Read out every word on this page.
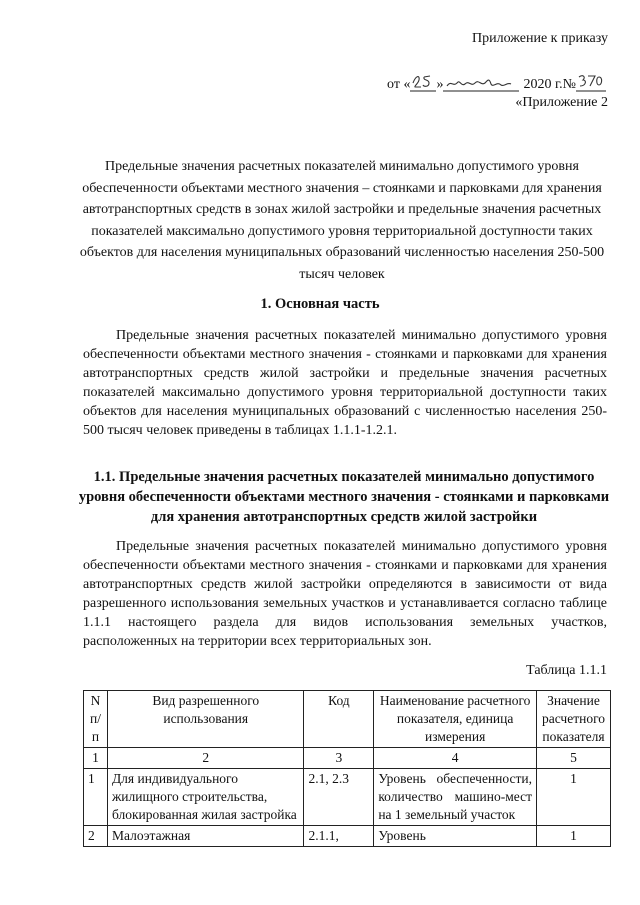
Приложение к приказу
от « »	2020 г.№
«Приложение 2
Предельные значения расчетных показателей минимально допустимого уровня обеспеченности объектами местного значения – стоянками и парковками для хранения автотранспортных средств в зонах жилой застройки и предельные значения расчетных показателей максимально допустимого уровня территориальной доступности таких объектов для населения муниципальных образований численностью населения 250-500 тысяч человек
1. Основная часть
Предельные значения расчетных показателей минимально допустимого уровня обеспеченности объектами местного значения - стоянками и парковками для хранения автотранспортных средств жилой застройки и предельные значения расчетных показателей максимально допустимого уровня территориальной доступности таких объектов для населения муниципальных образований с численностью населения 250-500 тысяч человек приведены в таблицах 1.1.1-1.2.1.
1.1. Предельные значения расчетных показателей минимально допустимого уровня обеспеченности объектами местного значения - стоянками и парковками для хранения автотранспортных средств жилой застройки
Предельные значения расчетных показателей минимально допустимого уровня обеспеченности объектами местного значения - стоянками и парковками для хранения автотранспортных средств жилой застройки определяются в зависимости от вида разрешенного использования земельных участков и устанавливается согласно таблице 1.1.1 настоящего раздела для видов использования земельных участков, расположенных на территории всех территориальных зон.
Таблица 1.1.1
N п/п	Вид разрешенного использования	Код	Наименование расчетного показателя, единица измерения	Значение расчетного показателя
1	2	3	4	5
1	Для индивидуального жилищного строительства, блокированная жилая застройка	2.1, 2.3	Уровень обеспеченности, количество машино-мест на 1 земельный участок	1
2	Малоэтажная	2.1.1,	Уровень	1
